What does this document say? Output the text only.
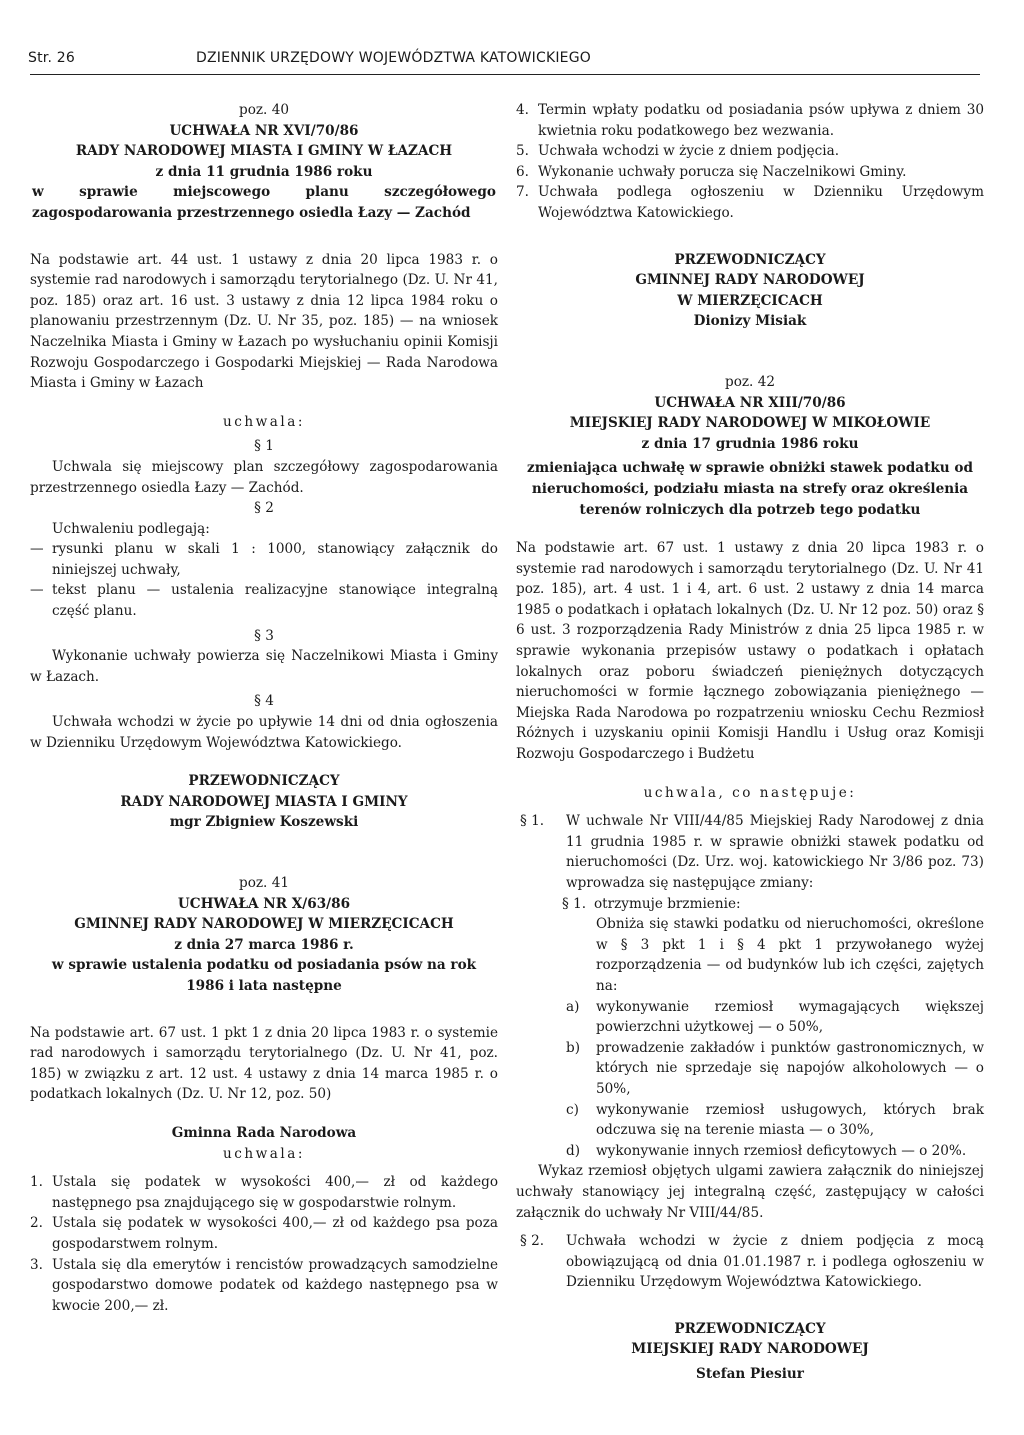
Str. 26	DZIENNIK URZĘDOWY WOJEWÓDZTWA KATOWICKIEGO
poz. 40
UCHWAŁA NR XVI/70/86
RADY NARODOWEJ MIASTA I GMINY W ŁAZACH
z dnia 11 grudnia 1986 roku
w sprawie miejscowego planu szczegółowego zagospodarowania przestrzennego osiedla Łazy — Zachód
Na podstawie art. 44 ust. 1 ustawy z dnia 20 lipca 1983 r. o systemie rad narodowych i samorządu terytorialnego (Dz. U. Nr 41, poz. 185) oraz art. 16 ust. 3 ustawy z dnia 12 lipca 1984 roku o planowaniu przestrzennym (Dz. U. Nr 35, poz. 185) — na wniosek Naczelnika Miasta i Gminy w Łazach po wysłuchaniu opinii Komisji Rozwoju Gospodarczego i Gospodarki Miejskiej — Rada Narodowa Miasta i Gminy w Łazach
uchwala:
§ 1
Uchwala się miejscowy plan szczegółowy zagospodarowania przestrzennego osiedla Łazy — Zachód.
§ 2
Uchwaleniu podlegają:
— rysunki planu w skali 1 : 1000, stanowiący załącznik do niniejszej uchwały,
— tekst planu — ustalenia realizacyjne stanowiące integralną część planu.
§ 3
Wykonanie uchwały powierza się Naczelnikowi Miasta i Gminy w Łazach.
§ 4
Uchwała wchodzi w życie po upływie 14 dni od dnia ogłoszenia w Dzienniku Urzędowym Województwa Katowickiego.
PRZEWODNICZĄCY
RADY NARODOWEJ MIASTA I GMINY
mgr Zbigniew Koszewski
poz. 41
UCHWAŁA NR X/63/86
GMINNEJ RADY NARODOWEJ W MIERZĘCICACH
z dnia 27 marca 1986 r.
w sprawie ustalenia podatku od posiadania psów na rok 1986 i lata następne
Na podstawie art. 67 ust. 1 pkt 1 z dnia 20 lipca 1983 r. o systemie rad narodowych i samorządu terytorialnego (Dz. U. Nr 41, poz. 185) w związku z art. 12 ust. 4 ustawy z dnia 14 marca 1985 r. o podatkach lokalnych (Dz. U. Nr 12, poz. 50)
Gminna Rada Narodowa
uchwala:
1. Ustala się podatek w wysokości 400,— zł od każdego następnego psa znajdującego się w gospodarstwie rolnym.
2. Ustala się podatek w wysokości 400,— zł od każdego psa poza gospodarstwem rolnym.
3. Ustala się dla emerytów i rencistów prowadzących samodzielne gospodarstwo domowe podatek od każdego następnego psa w kwocie 200,— zł.
4. Termin wpłaty podatku od posiadania psów upływa z dniem 30 kwietnia roku podatkowego bez wezwania.
5. Uchwała wchodzi w życie z dniem podjęcia.
6. Wykonanie uchwały porucza się Naczelnikowi Gminy.
7. Uchwała podlega ogłoszeniu w Dzienniku Urzędowym Województwa Katowickiego.
PRZEWODNICZĄCY
GMINNEJ RADY NARODOWEJ
W MIERZĘCICACH
Dionizy Misiak
poz. 42
UCHWAŁA NR XIII/70/86
MIEJSKIEJ RADY NARODOWEJ W MIKOŁOWIE
z dnia 17 grudnia 1986 roku
zmieniająca uchwałę w sprawie obniżki stawek podatku od nieruchomości, podziału miasta na strefy oraz określenia terenów rolniczych dla potrzeb tego podatku
Na podstawie art. 67 ust. 1 ustawy z dnia 20 lipca 1983 r. o systemie rad narodowych i samorządu terytorialnego (Dz. U. Nr 41 poz. 185), art. 4 ust. 1 i 4, art. 6 ust. 2 ustawy z dnia 14 marca 1985 o podatkach i opłatach lokalnych (Dz. U. Nr 12 poz. 50) oraz § 6 ust. 3 rozporządzenia Rady Ministrów z dnia 25 lipca 1985 r. w sprawie wykonania przepisów ustawy o podatkach i opłatach lokalnych oraz poboru świadczeń pieniężnych dotyczących nieruchomości w formie łącznego zobowiązania pieniężnego — Miejska Rada Narodowa po rozpatrzeniu wniosku Cechu Rezmiosł Różnych i uzyskaniu opinii Komisji Handlu i Usług oraz Komisji Rozwoju Gospodarczego i Budżetu
uchwala, co następuje:
§ 1.	W uchwale Nr VIII/44/85 Miejskiej Rady Narodowej z dnia 11 grudnia 1985 r. w sprawie obniżki stawek podatku od nieruchomości (Dz. Urz. woj. katowickiego Nr 3/86 poz. 73) wprowadza się następujące zmiany:
§ 1. otrzymuje brzmienie:
Obniża się stawki podatku od nieruchomości, określone w § 3 pkt 1 i § 4 pkt 1 przywołanego wyżej rozporządzenia — od budynków lub ich części, zajętych na:
a)	wykonywanie rzemiosł wymagających większej powierzchni użytkowej — o 50%,
b)	prowadzenie zakładów i punktów gastronomicznych, w których nie sprzedaje się napojów alkoholowych — o 50%,
c)	wykonywanie rzemiosł usługowych, których brak odczuwa się na terenie miasta — o 30%,
d)	wykonywanie innych rzemiosł deficytowych — o 20%.
Wykaz rzemiosł objętych ulgami zawiera załącznik do niniejszej uchwały stanowiący jej integralną część, zastępujący w całości załącznik do uchwały Nr VIII/44/85.
§ 2.	Uchwała wchodzi w życie z dniem podjęcia z mocą obowiązującą od dnia 01.01.1987 r. i podlega ogłoszeniu w Dzienniku Urzędowym Województwa Katowickiego.
PRZEWODNICZĄCY
MIEJSKIEJ RADY NARODOWEJ
Stefan Piesiur
